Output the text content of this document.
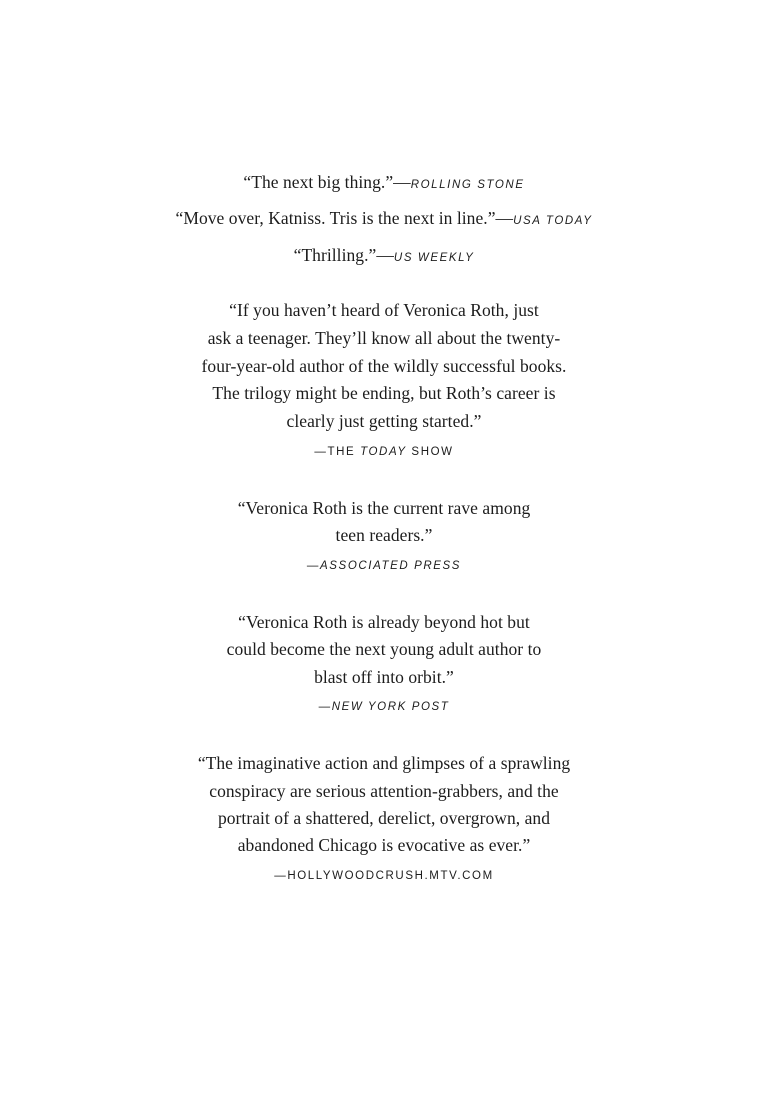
“The next big thing.”—ROLLING STONE
“Move over, Katniss. Tris is the next in line.”—USA TODAY
“Thrilling.”—US WEEKLY
“If you haven’t heard of Veronica Roth, just
ask a teenager. They’ll know all about the twenty-
four-year-old author of the wildly successful books.
The trilogy might be ending, but Roth’s career is
clearly just getting started.”
—THE TODAY SHOW
“Veronica Roth is the current rave among
teen readers.”
—ASSOCIATED PRESS
“Veronica Roth is already beyond hot but
could become the next young adult author to
blast off into orbit.”
—NEW YORK POST
“The imaginative action and glimpses of a sprawling
conspiracy are serious attention-grabbers, and the
portrait of a shattered, derelict, overgrown, and
abandoned Chicago is evocative as ever.”
—HOLLYWOODCRUSH.MTV.COM
